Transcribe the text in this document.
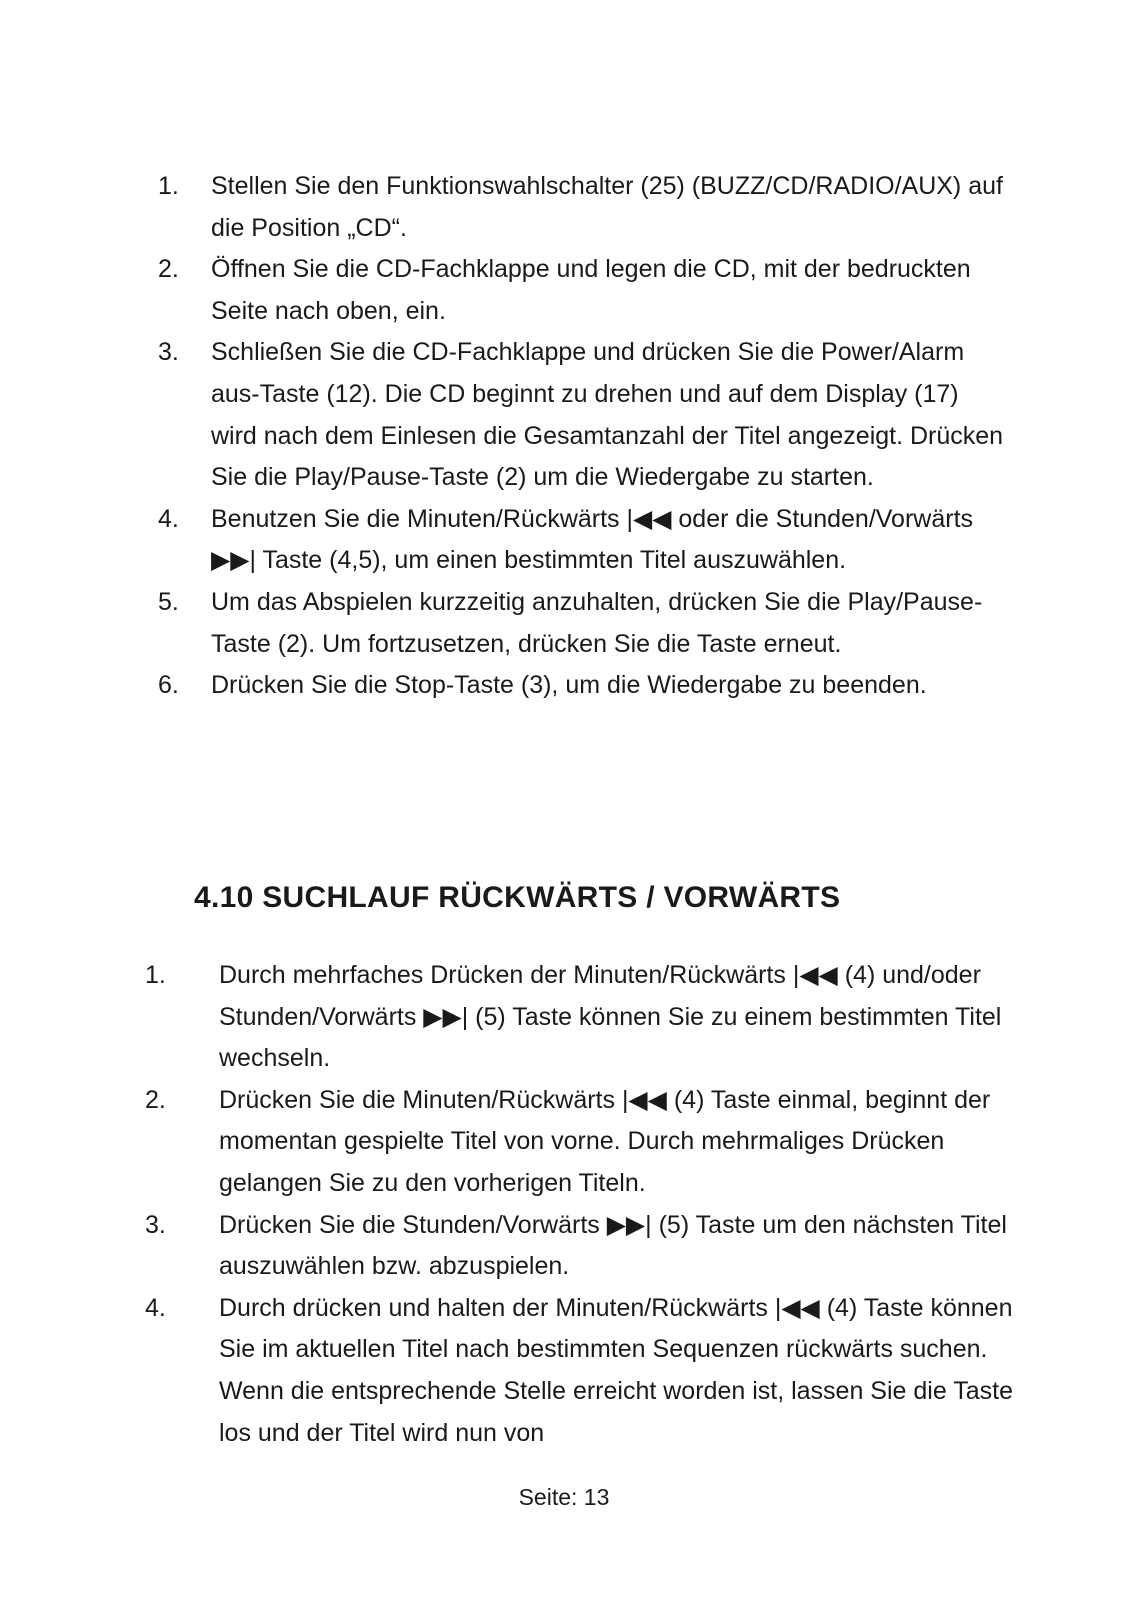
1. Stellen Sie den Funktionswahlschalter (25) (BUZZ/CD/RADIO/AUX) auf die Position „CD“.
2. Öffnen Sie die CD-Fachklappe und legen die CD, mit der bedruckten Seite nach oben, ein.
3. Schließen Sie die CD-Fachklappe und drücken Sie die Power/Alarm aus-Taste (12). Die CD beginnt zu drehen und auf dem Display (17) wird nach dem Einlesen die Gesamtanzahl der Titel angezeigt. Drücken Sie die Play/Pause-Taste (2) um die Wiedergabe zu starten.
4. Benutzen Sie die Minuten/Rückwärts |◀◀ oder die Stunden/Vorwärts ▶▶| Taste (4,5), um einen bestimmten Titel auszuwählen.
5. Um das Abspielen kurzzeitig anzuhalten, drücken Sie die Play/Pause-Taste (2). Um fortzusetzen, drücken Sie die Taste erneut.
6. Drücken Sie die Stop-Taste (3), um die Wiedergabe zu beenden.
4.10 SUCHLAUF RÜCKWÄRTS / VORWÄRTS
1. Durch mehrfaches Drücken der Minuten/Rückwärts |◀◀ (4) und/oder Stunden/Vorwärts ▶▶| (5) Taste können Sie zu einem bestimmten Titel wechseln.
2. Drücken Sie die Minuten/Rückwärts |◀◀ (4) Taste einmal, beginnt der momentan gespielte Titel von vorne. Durch mehrmaliges Drücken gelangen Sie zu den vorherigen Titeln.
3. Drücken Sie die Stunden/Vorwärts ▶▶| (5) Taste um den nächsten Titel auszuwählen bzw. abzuspielen.
4. Durch drücken und halten der Minuten/Rückwärts |◀◀ (4) Taste können Sie im aktuellen Titel nach bestimmten Sequenzen rückwärts suchen. Wenn die entsprechende Stelle erreicht worden ist, lassen Sie die Taste los und der Titel wird nun von
Seite: 13
